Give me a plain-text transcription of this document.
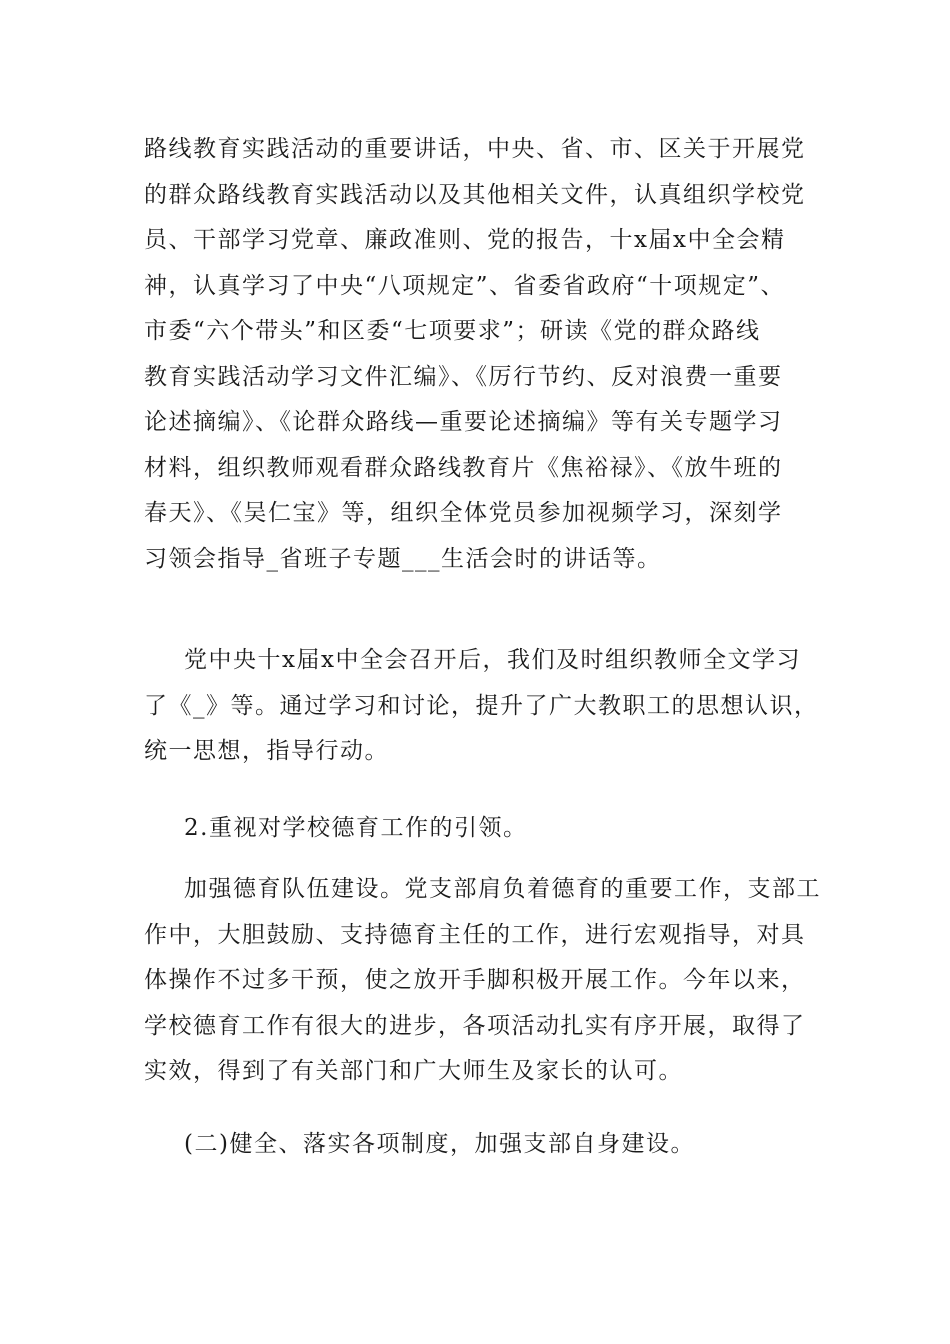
路线教育实践活动的重要讲话，中央、省、市、区关于开展党
的群众路线教育实践活动以及其他相关文件，认真组织学校党
员、干部学习党章、廉政准则、党的报告，十x届x中全会精
神，认真学习了中央“八项规定”、省委省政府“十项规定”、
市委“六个带头”和区委“七项要求”；研读《党的群众路线
教育实践活动学习文件汇编》、《厉行节约、反对浪费一重要
论述摘编》、《论群众路线—重要论述摘编》等有关专题学习
材料，组织教师观看群众路线教育片《焦裕禄》、《放牛班的
春天》、《吴仁宝》等，组织全体党员参加视频学习，深刻学
习领会指导_省班子专题___生活会时的讲话等。
党中央十x届x中全会召开后，我们及时组织教师全文学习
了《_》等。通过学习和讨论，提升了广大教职工的思想认识，
统一思想，指导行动。
2.重视对学校德育工作的引领。
加强德育队伍建设。党支部肩负着德育的重要工作，支部工
作中，大胆鼓励、支持德育主任的工作，进行宏观指导，对具
体操作不过多干预，使之放开手脚积极开展工作。今年以来，
学校德育工作有很大的进步，各项活动扎实有序开展，取得了
实效，得到了有关部门和广大师生及家长的认可。
(二)健全、落实各项制度，加强支部自身建设。
